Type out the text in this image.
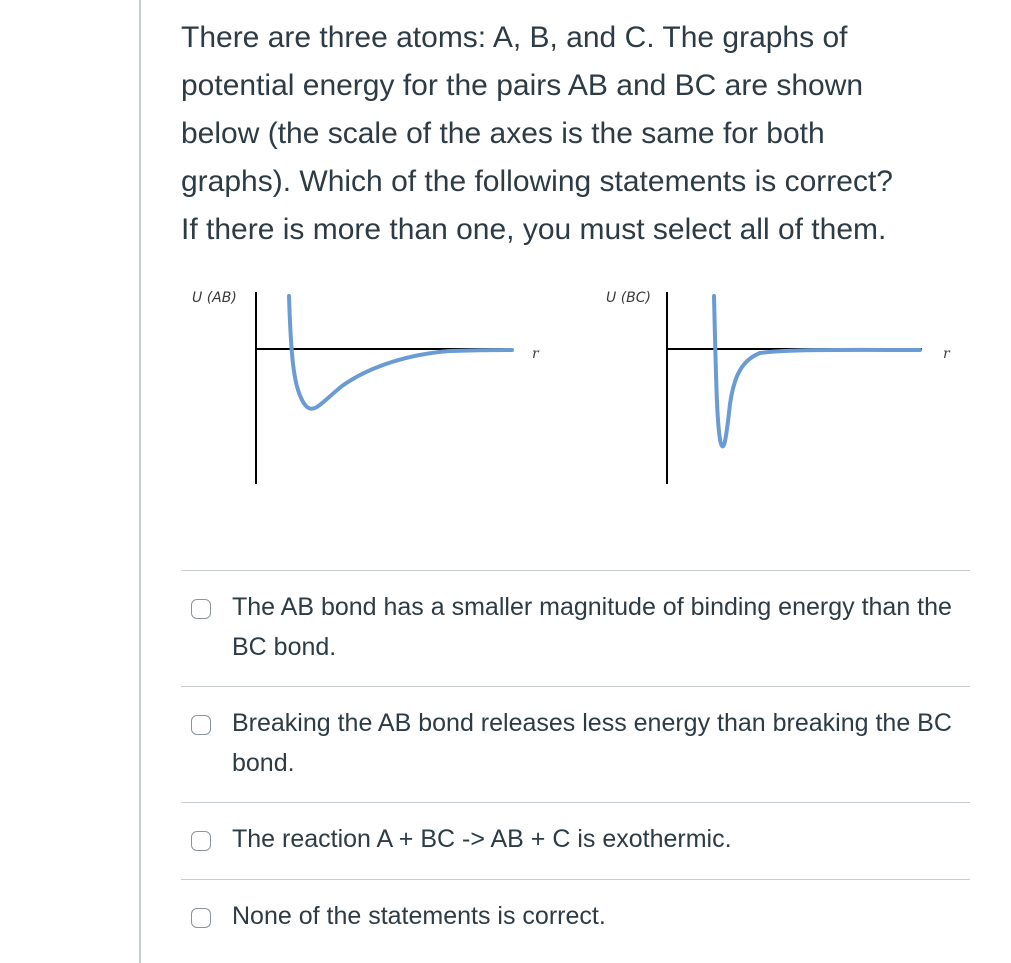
There are three atoms: A, B, and C. The graphs of
potential energy for the pairs AB and BC are shown
below (the scale of the axes is the same for both
graphs). Which of the following statements is correct?
If there is more than one, you must select all of them.

U (AB)
r
U (BC)
r
The AB bond has a smaller magnitude of binding energy than the BC bond.
Breaking the AB bond releases less energy than breaking the BC bond.
The reaction A + BC -> AB + C is exothermic.
None of the statements is correct.
